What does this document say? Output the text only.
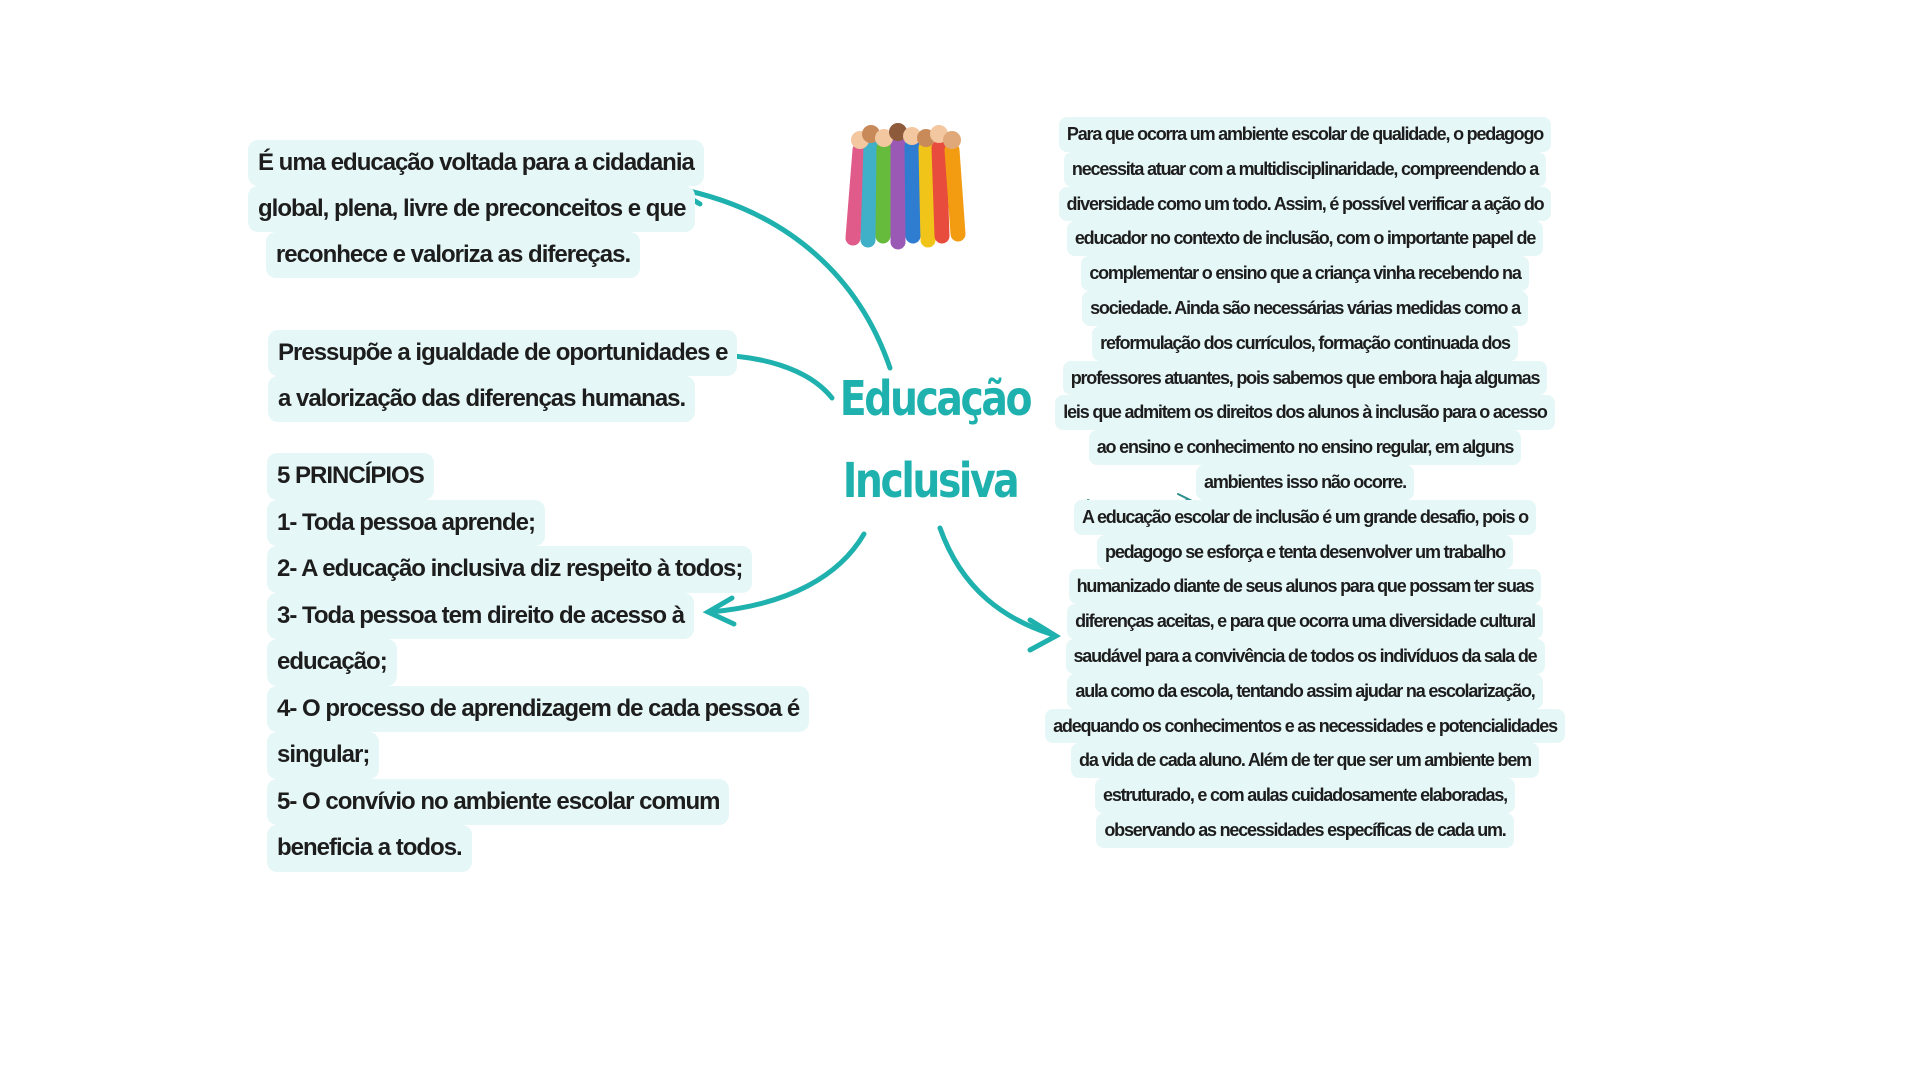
Educação
Inclusiva
É uma educação voltada para a cidadania
global, plena, livre de preconceitos e que
reconhece e valoriza as difereças.
Pressupõe a igualdade de oportunidades e
a valorização das diferenças humanas.
5 PRINCÍPIOS
1- Toda pessoa aprende;
2- A educação inclusiva diz respeito à todos;
3- Toda pessoa tem direito de acesso à
educação;
4- O processo de aprendizagem de cada pessoa é
singular;
5- O convívio no ambiente escolar comum
beneficia a todos.
Para que ocorra um ambiente escolar de qualidade, o pedagogo
necessita atuar com a multidisciplinaridade, compreendendo a
diversidade como um todo. Assim, é possível verificar a ação do
educador no contexto de inclusão, com o importante papel de
complementar o ensino que a criança vinha recebendo na
sociedade. Ainda são necessárias várias medidas como a
reformulação dos currículos, formação continuada dos
professores atuantes, pois sabemos que embora haja algumas
leis que admitem os direitos dos alunos à inclusão para o acesso
ao ensino e conhecimento no ensino regular, em alguns
ambientes isso não ocorre.
A educação escolar de inclusão é um grande desafio, pois o
pedagogo se esforça e tenta desenvolver um trabalho
humanizado diante de seus alunos para que possam ter suas
diferenças aceitas, e para que ocorra uma diversidade cultural
saudável para a convivência de todos os indivíduos da sala de
aula como da escola, tentando assim ajudar na escolarização,
adequando os conhecimentos e as necessidades e potencialidades
da vida de cada aluno. Além de ter que ser um ambiente bem
estruturado, e com aulas cuidadosamente elaboradas,
observando as necessidades específicas de cada um.
